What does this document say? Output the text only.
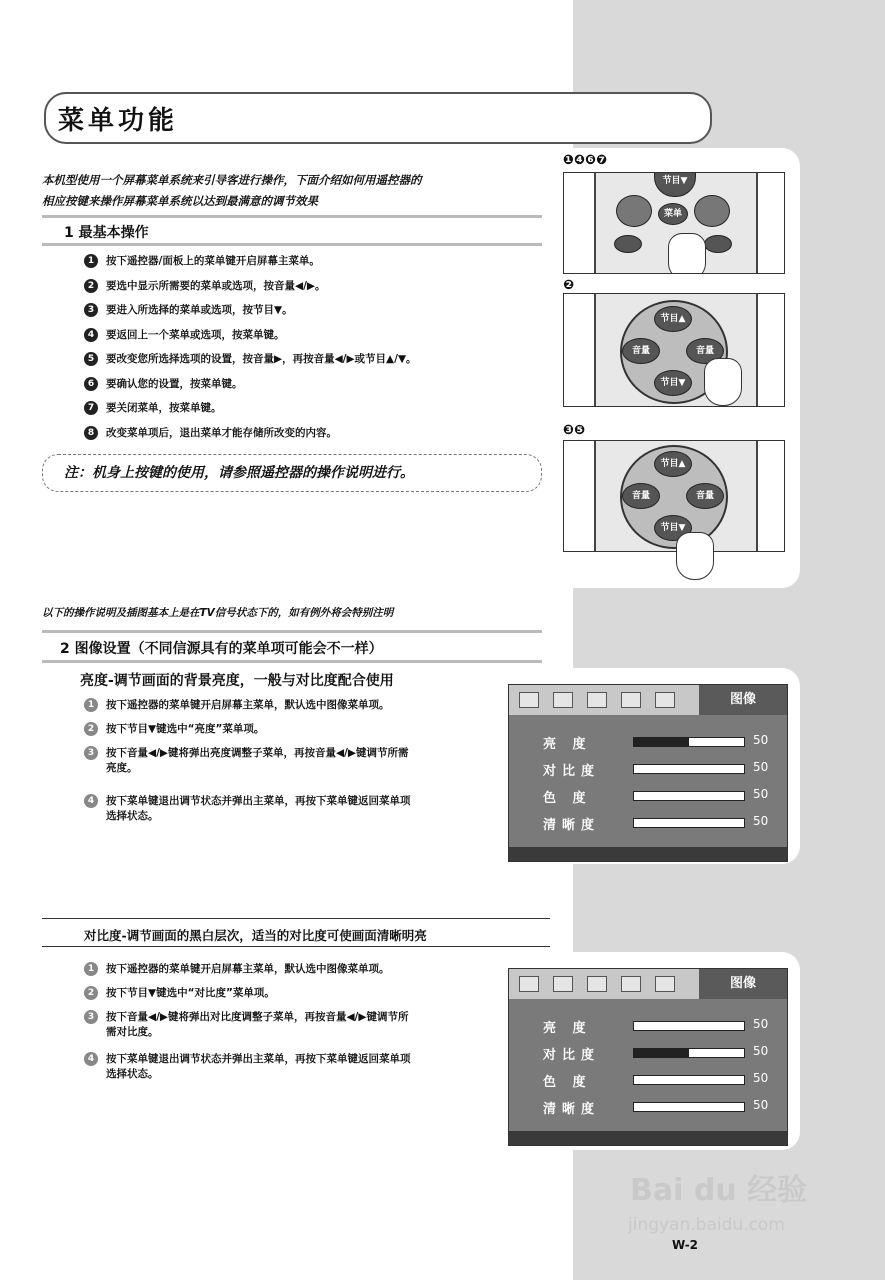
菜单功能
本机型使用一个屏幕菜单系统来引导客进行操作，下面介绍如何用遥控器的
相应按键来操作屏幕菜单系统以达到最满意的调节效果
1 最基本操作
1 按下遥控器/面板上的菜单键开启屏幕主菜单。
2 要选中显示所需要的菜单或选项，按音量◀/▶。
3 要进入所选择的菜单或选项，按节目▼。
4 要返回上一个菜单或选项，按菜单键。
5 要改变您所选择选项的设置，按音量▶，再按音量◀/▶或节目▲/▼。
6 要确认您的设置，按菜单键。
7 要关闭菜单，按菜单键。
8 改变菜单项后，退出菜单才能存储所改变的内容。
注：机身上按键的使用，请参照遥控器的操作说明进行。
❶❹❻❼
节目▼
菜单
❷
节目▲
音量	音量
节目▼
❸❺
节目▲
音量	音量
节目▼
以下的操作说明及插图基本上是在TV信号状态下的，如有例外将会特别注明
2 图像设置（不同信源具有的菜单项可能会不一样）
亮度-调节画面的背景亮度，一般与对比度配合使用
1 按下遥控器的菜单键开启屏幕主菜单，默认选中图像菜单项。
2 按下节目▼键选中“亮度”菜单项。
3 按下音量◀/▶键将弹出亮度调整子菜单，再按音量◀/▶键调节所需
亮度。
4 按下菜单键退出调节状态并弹出主菜单，再按下菜单键返回菜单项
选择状态。
对比度-调节画面的黑白层次，适当的对比度可使画面清晰明亮
1 按下遥控器的菜单键开启屏幕主菜单，默认选中图像菜单项。
2 按下节目▼键选中“对比度”菜单项。
3 按下音量◀/▶键将弹出对比度调整子菜单，再按音量◀/▶键调节所
需对比度。
4 按下菜单键退出调节状态并弹出主菜单，再按下菜单键返回菜单项
选择状态。
图像
亮 度	50
对比度	50
色 度	50
清晰度	50
图像
亮 度	50
对比度	50
色 度	50
清晰度	50
Bai du 经验
jingyan.baidu.com
W-2
